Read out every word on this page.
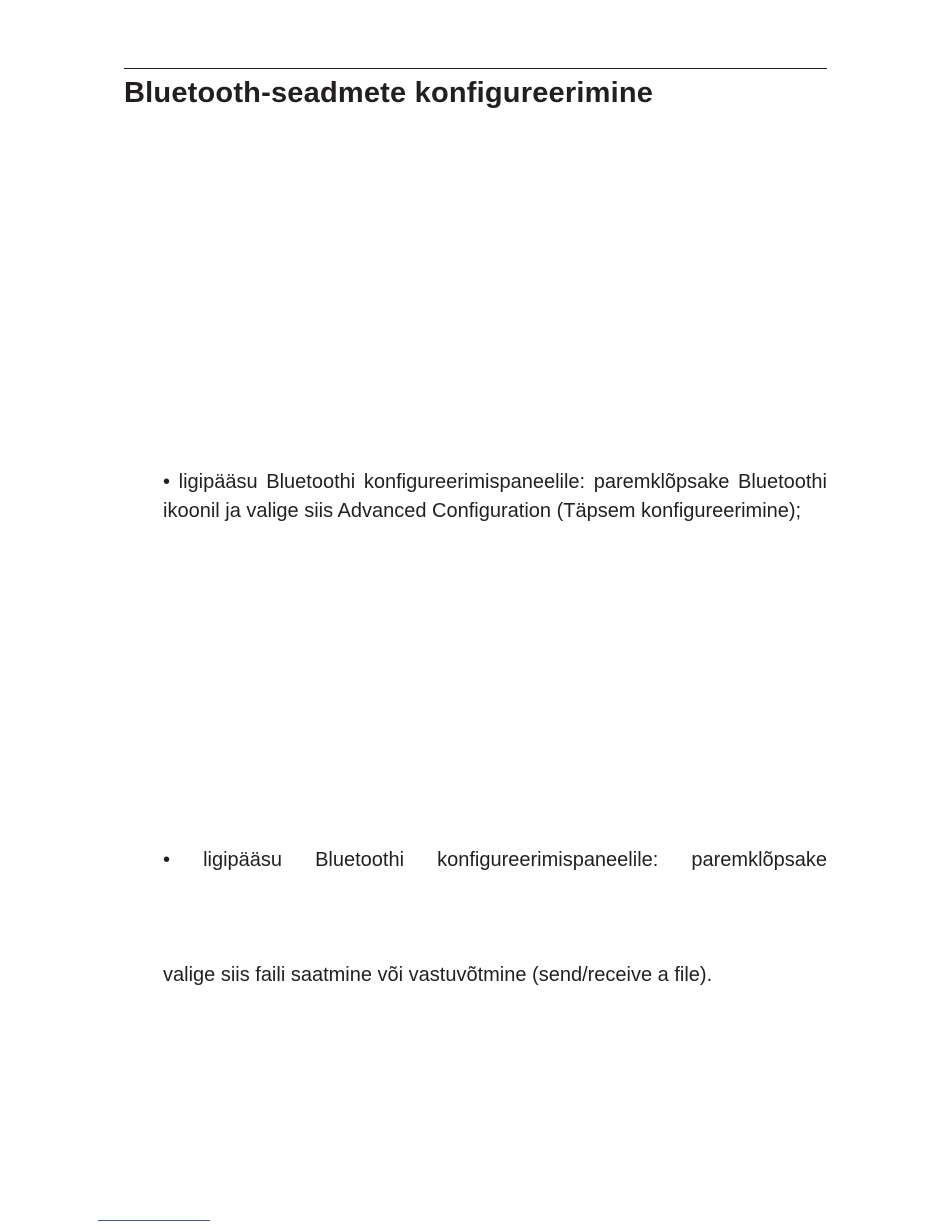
Bluetooth-seadmete konfigureerimine

• ligipääsu Bluetoothi konfigureerimispaneelile: paremklõpsake Bluetoothi ikoonil ja valige siis Advanced Configuration (Täpsem konfigureerimine);

• ligipääsu Bluetoothi konfigureerimispaneelile: paremklõpsake

valige siis faili saatmine või vastuvõtmine (send/receive a file).
